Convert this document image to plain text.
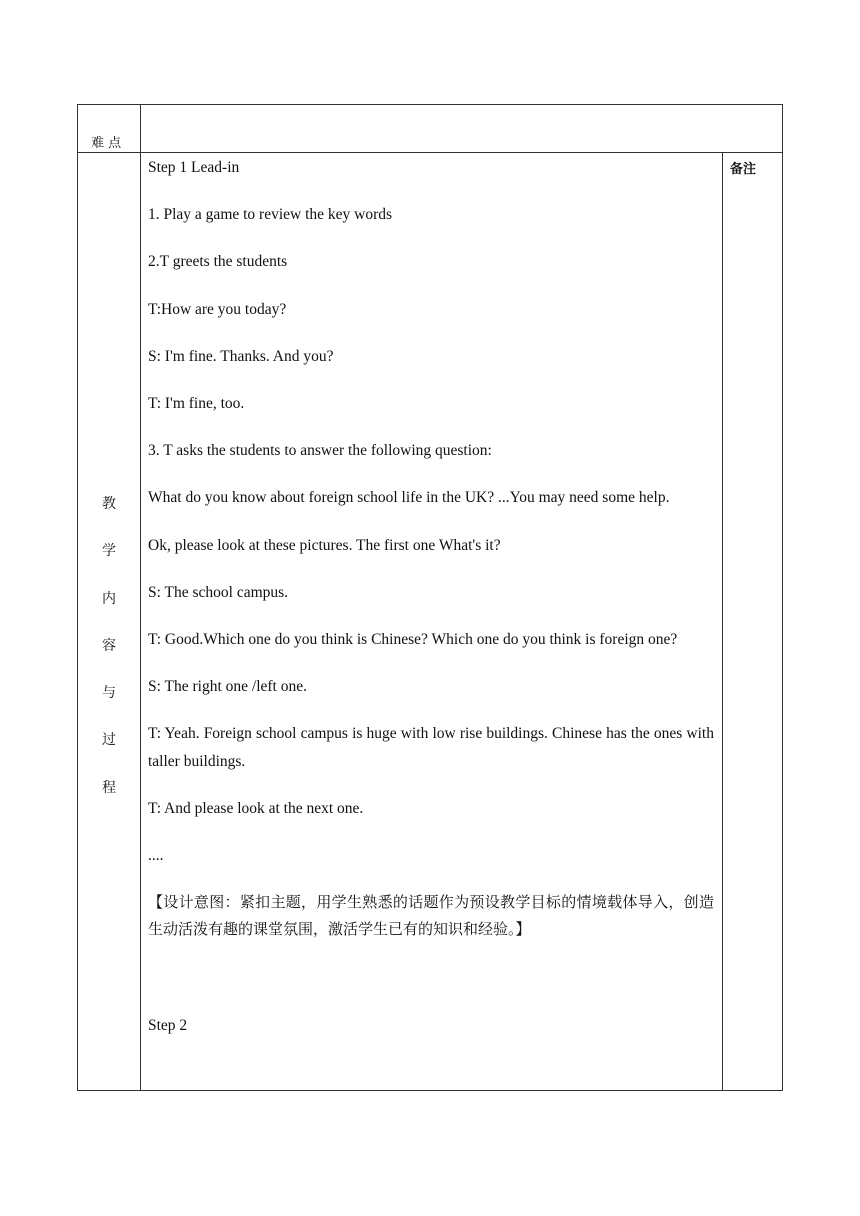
难 点
备注
教
学
内
容
与
过
程

Step 1 Lead-in

1. Play a game to review the key words

2.T greets the students

T:How are you today?

S: I'm fine. Thanks. And you?

T: I'm fine, too.

3. T asks the students to answer the following question:

What do you know about foreign school life in the UK? ...You may need some help.

Ok, please look at these pictures. The first one What's it?

S: The school campus.

T: Good.Which one do you think is Chinese? Which one do you think is foreign one?

S: The right one /left one.

T: Yeah. Foreign school campus is huge with low rise buildings. Chinese has the ones with taller buildings.

T: And please look at the next one.

....

【设计意图：紧扣主题，用学生熟悉的话题作为预设教学目标的情境载体导入，创造生动活泼有趣的课堂氛围，激活学生已有的知识和经验。】

Step 2
